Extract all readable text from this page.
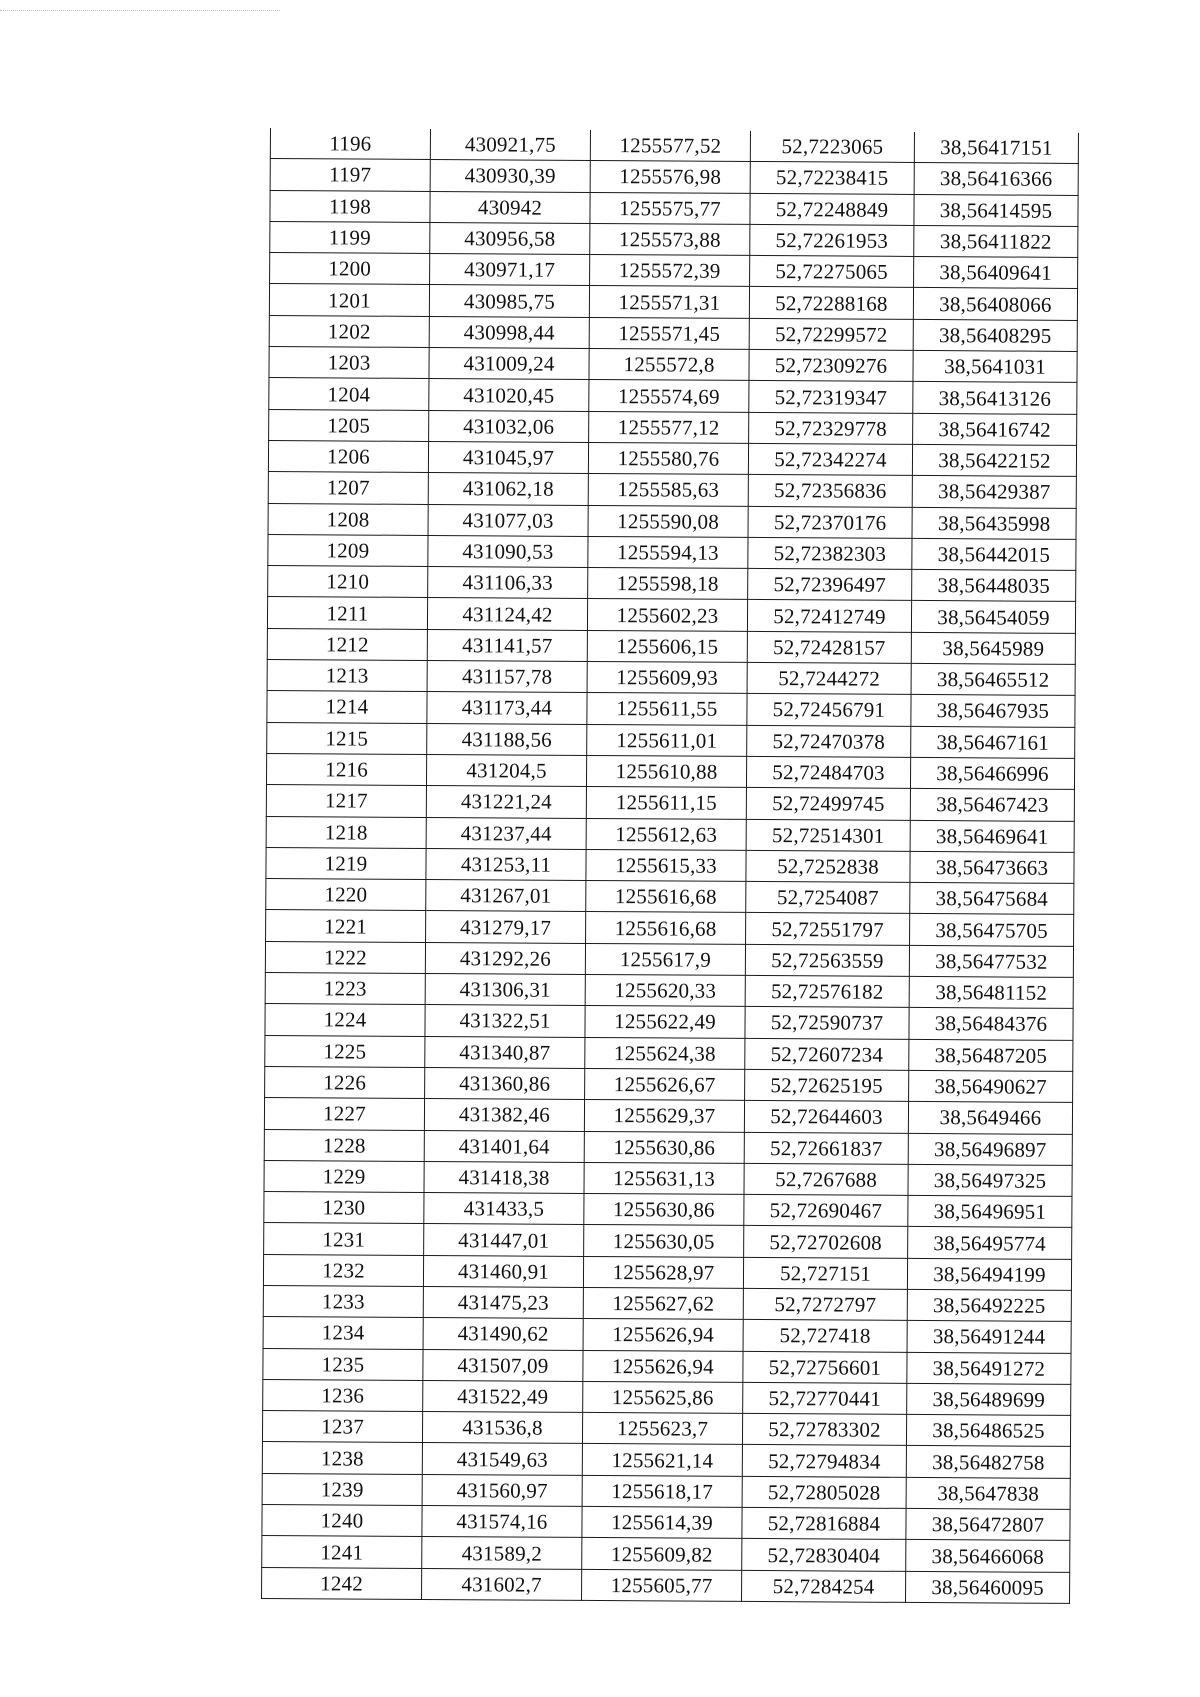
1196	430921,75	1255577,52	52,7223065	38,56417151
1197	430930,39	1255576,98	52,72238415	38,56416366
1198	430942	1255575,77	52,72248849	38,56414595
1199	430956,58	1255573,88	52,72261953	38,56411822
1200	430971,17	1255572,39	52,72275065	38,56409641
1201	430985,75	1255571,31	52,72288168	38,56408066
1202	430998,44	1255571,45	52,72299572	38,56408295
1203	431009,24	1255572,8	52,72309276	38,5641031
1204	431020,45	1255574,69	52,72319347	38,56413126
1205	431032,06	1255577,12	52,72329778	38,56416742
1206	431045,97	1255580,76	52,72342274	38,56422152
1207	431062,18	1255585,63	52,72356836	38,56429387
1208	431077,03	1255590,08	52,72370176	38,56435998
1209	431090,53	1255594,13	52,72382303	38,56442015
1210	431106,33	1255598,18	52,72396497	38,56448035
1211	431124,42	1255602,23	52,72412749	38,56454059
1212	431141,57	1255606,15	52,72428157	38,5645989
1213	431157,78	1255609,93	52,7244272	38,56465512
1214	431173,44	1255611,55	52,72456791	38,56467935
1215	431188,56	1255611,01	52,72470378	38,56467161
1216	431204,5	1255610,88	52,72484703	38,56466996
1217	431221,24	1255611,15	52,72499745	38,56467423
1218	431237,44	1255612,63	52,72514301	38,56469641
1219	431253,11	1255615,33	52,7252838	38,56473663
1220	431267,01	1255616,68	52,7254087	38,56475684
1221	431279,17	1255616,68	52,72551797	38,56475705
1222	431292,26	1255617,9	52,72563559	38,56477532
1223	431306,31	1255620,33	52,72576182	38,56481152
1224	431322,51	1255622,49	52,72590737	38,56484376
1225	431340,87	1255624,38	52,72607234	38,56487205
1226	431360,86	1255626,67	52,72625195	38,56490627
1227	431382,46	1255629,37	52,72644603	38,5649466
1228	431401,64	1255630,86	52,72661837	38,56496897
1229	431418,38	1255631,13	52,7267688	38,56497325
1230	431433,5	1255630,86	52,72690467	38,56496951
1231	431447,01	1255630,05	52,72702608	38,56495774
1232	431460,91	1255628,97	52,727151	38,56494199
1233	431475,23	1255627,62	52,7272797	38,56492225
1234	431490,62	1255626,94	52,727418	38,56491244
1235	431507,09	1255626,94	52,72756601	38,56491272
1236	431522,49	1255625,86	52,72770441	38,56489699
1237	431536,8	1255623,7	52,72783302	38,56486525
1238	431549,63	1255621,14	52,72794834	38,56482758
1239	431560,97	1255618,17	52,72805028	38,5647838
1240	431574,16	1255614,39	52,72816884	38,56472807
1241	431589,2	1255609,82	52,72830404	38,56466068
1242	431602,7	1255605,77	52,7284254	38,56460095
